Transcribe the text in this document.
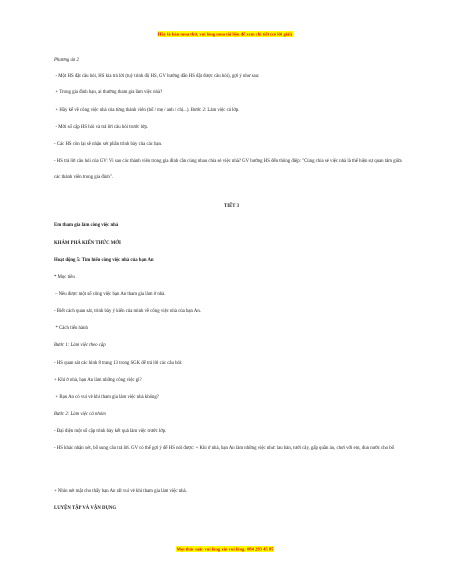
Hãy là bản mua thử, vui lòng mua tài liệu để xem chi tiết (có lời giải)
Phương án 2
- Một HS đặt câu hỏi, HS kia trả lời (tuỳ trình độ HS, GV hướng dẫn HS đặt được câu hỏi), gợi ý như sau:
+ Trong gia đình bạn, ai thường tham gia làm việc nhà?
+ Hãy kể về công việc nhà của từng thành viên (bố / mẹ / anh / chị...). Bước 2: Làm việc cả lớp.
- Mời số cặp HS hỏi và trả lời câu hỏi trước lớp.
- Các HS còn lại sẽ nhận xét phần trình bày của các bạn.
- HS trả lời câu hỏi của GV: Vì sao các thành viên trong gia đình cần cùng nhau chia sẻ việc nhà? GV hướng HS đến thông điệp: "Cùng chia sẻ việc nhà là thể hiện sự quan tâm giữa các thành viên trong gia đình".
TIẾT 3
Em tham gia làm công việc nhà
KHÁM PHÁ KIẾN THỨC MỚI
Hoạt động 5: Tìm hiểu công việc nhà của bạn An
* Mục tiêu
– Nêu được một số công việc bạn An tham gia làm ở nhà.
- Biết cách quan sát, trình bày ý kiến của mình về công việc nhà của bạn An.
* Cách tiến hành
Bước 1: Làm việc theo cặp
- HS quan sát các hình 8 trang 13 trong SGK để trả lời các câu hỏi:
+ Khi ở nhà, bạn An làm những công việc gì?
+ Bạn An có vui vẻ khi tham gia làm việc nhà không?
Bước 2: Làm việc cả nhóm
- Đại diện một số cặp trình bày kết quả làm việc trước lớp.
- HS khác nhận xét, bổ sung câu trả lời. GV có thể gợi ý để HS nói được: + Khi ở nhà, bạn An làm những việc như: lau bàn, tưới cây, gấp quần áo, chơi với em, đun nước cho bố
+ Nhìn nét mặt cho thấy bạn An rất vui vẻ khi tham gia làm việc nhà.
LUYỆN TẬP VÀ VẬN DỤNG
Mọi thắc mắc vui lòng xin vui lòng: 084 283 45 85
